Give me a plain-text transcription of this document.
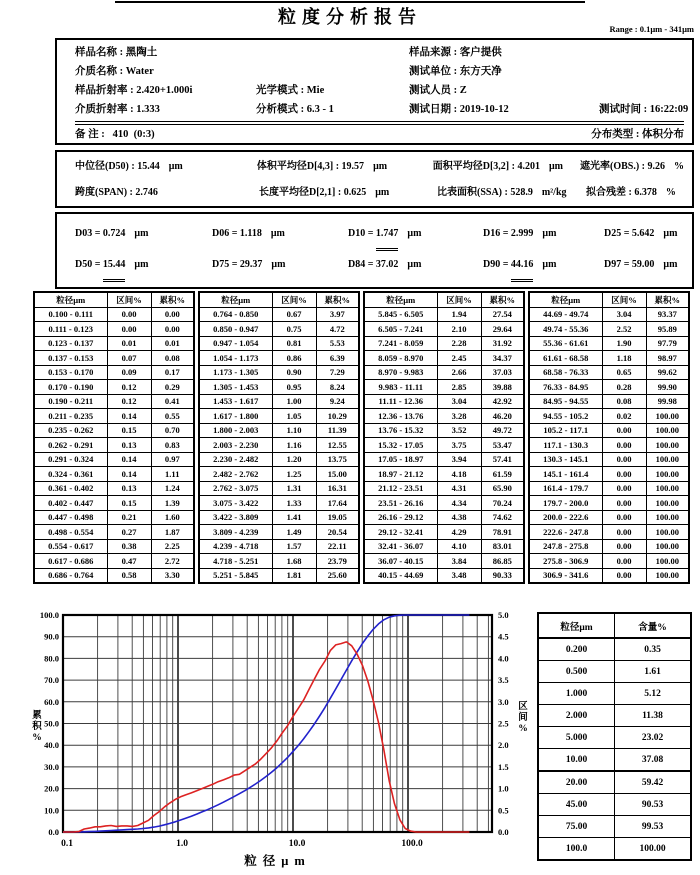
粒度分析报告
Range : 0.1μm - 341μm
样品名称 : 黑陶土	样品来源 : 客户提供
介质名称 : Water	测试单位 : 东方天净
样品折射率 : 2.420+1.000i	光学模式 : Mie	测试人员 : Z
介质折射率 : 1.333	分析模式 : 6.3 - 1	测试日期 : 2019-10-12	测试时间 : 16:22:09
备 注 :   410  (0:3)	分布类型 : 体积分布
中位径(D50) : 15.44 μm	体积平均径D[4,3] : 19.57 μm	面积平均径D[3,2] : 4.201 μm	遮光率(OBS.) : 9.26 %
跨度(SPAN) : 2.746	长度平均径D[2,1] : 0.625 μm	比表面积(SSA) : 528.9 m²/kg	拟合残差 : 6.378 %
D03 = 0.724 μm	D06 = 1.118 μm	D10 = 1.747 μm	D16 = 2.999 μm	D25 = 5.642 μm
D50 = 15.44 μm	D75 = 29.37 μm	D84 = 37.02 μm	D90 = 44.16 μm	D97 = 59.00 μm
粒径μm	区间%	累积%
0.100 - 0.111	0.00	0.00
0.111 - 0.123	0.00	0.00
0.123 - 0.137	0.01	0.01
0.137 - 0.153	0.07	0.08
0.153 - 0.170	0.09	0.17
0.170 - 0.190	0.12	0.29
0.190 - 0.211	0.12	0.41
0.211 - 0.235	0.14	0.55
0.235 - 0.262	0.15	0.70
0.262 - 0.291	0.13	0.83
0.291 - 0.324	0.14	0.97
0.324 - 0.361	0.14	1.11
0.361 - 0.402	0.13	1.24
0.402 - 0.447	0.15	1.39
0.447 - 0.498	0.21	1.60
0.498 - 0.554	0.27	1.87
0.554 - 0.617	0.38	2.25
0.617 - 0.686	0.47	2.72
0.686 - 0.764	0.58	3.30
粒径μm	区间%	累积%
0.764 - 0.850	0.67	3.97
0.850 - 0.947	0.75	4.72
0.947 - 1.054	0.81	5.53
1.054 - 1.173	0.86	6.39
1.173 - 1.305	0.90	7.29
1.305 - 1.453	0.95	8.24
1.453 - 1.617	1.00	9.24
1.617 - 1.800	1.05	10.29
1.800 - 2.003	1.10	11.39
2.003 - 2.230	1.16	12.55
2.230 - 2.482	1.20	13.75
2.482 - 2.762	1.25	15.00
2.762 - 3.075	1.31	16.31
3.075 - 3.422	1.33	17.64
3.422 - 3.809	1.41	19.05
3.809 - 4.239	1.49	20.54
4.239 - 4.718	1.57	22.11
4.718 - 5.251	1.68	23.79
5.251 - 5.845	1.81	25.60
粒径μm	区间%	累积%
5.845 - 6.505	1.94	27.54
6.505 - 7.241	2.10	29.64
7.241 - 8.059	2.28	31.92
8.059 - 8.970	2.45	34.37
8.970 - 9.983	2.66	37.03
9.983 - 11.11	2.85	39.88
11.11 - 12.36	3.04	42.92
12.36 - 13.76	3.28	46.20
13.76 - 15.32	3.52	49.72
15.32 - 17.05	3.75	53.47
17.05 - 18.97	3.94	57.41
18.97 - 21.12	4.18	61.59
21.12 - 23.51	4.31	65.90
23.51 - 26.16	4.34	70.24
26.16 - 29.12	4.38	74.62
29.12 - 32.41	4.29	78.91
32.41 - 36.07	4.10	83.01
36.07 - 40.15	3.84	86.85
40.15 - 44.69	3.48	90.33
粒径μm	区间%	累积%
44.69 - 49.74	3.04	93.37
49.74 - 55.36	2.52	95.89
55.36 - 61.61	1.90	97.79
61.61 - 68.58	1.18	98.97
68.58 - 76.33	0.65	99.62
76.33 - 84.95	0.28	99.90
84.95 - 94.55	0.08	99.98
94.55 - 105.2	0.02	100.00
105.2 - 117.1	0.00	100.00
117.1 - 130.3	0.00	100.00
130.3 - 145.1	0.00	100.00
145.1 - 161.4	0.00	100.00
161.4 - 179.7	0.00	100.00
179.7 - 200.0	0.00	100.00
200.0 - 222.6	0.00	100.00
222.6 - 247.8	0.00	100.00
247.8 - 275.8	0.00	100.00
275.8 - 306.9	0.00	100.00
306.9 - 341.6	0.00	100.00
0.0
10.0
20.0
30.0
40.0
50.0
60.0
70.0
80.0
90.0
100.0
0.0
0.5
1.0
1.5
2.0
2.5
3.0
3.5
4.0
4.5
5.0
0.1	1.0	10.0	100.0
粒径μm
累
积
%
区
间
%
粒径μm	含量%
0.200	0.35
0.500	1.61
1.000	5.12
2.000	11.38
5.000	23.02
10.00	37.08
20.00	59.42
45.00	90.53
75.00	99.53
100.0	100.00
